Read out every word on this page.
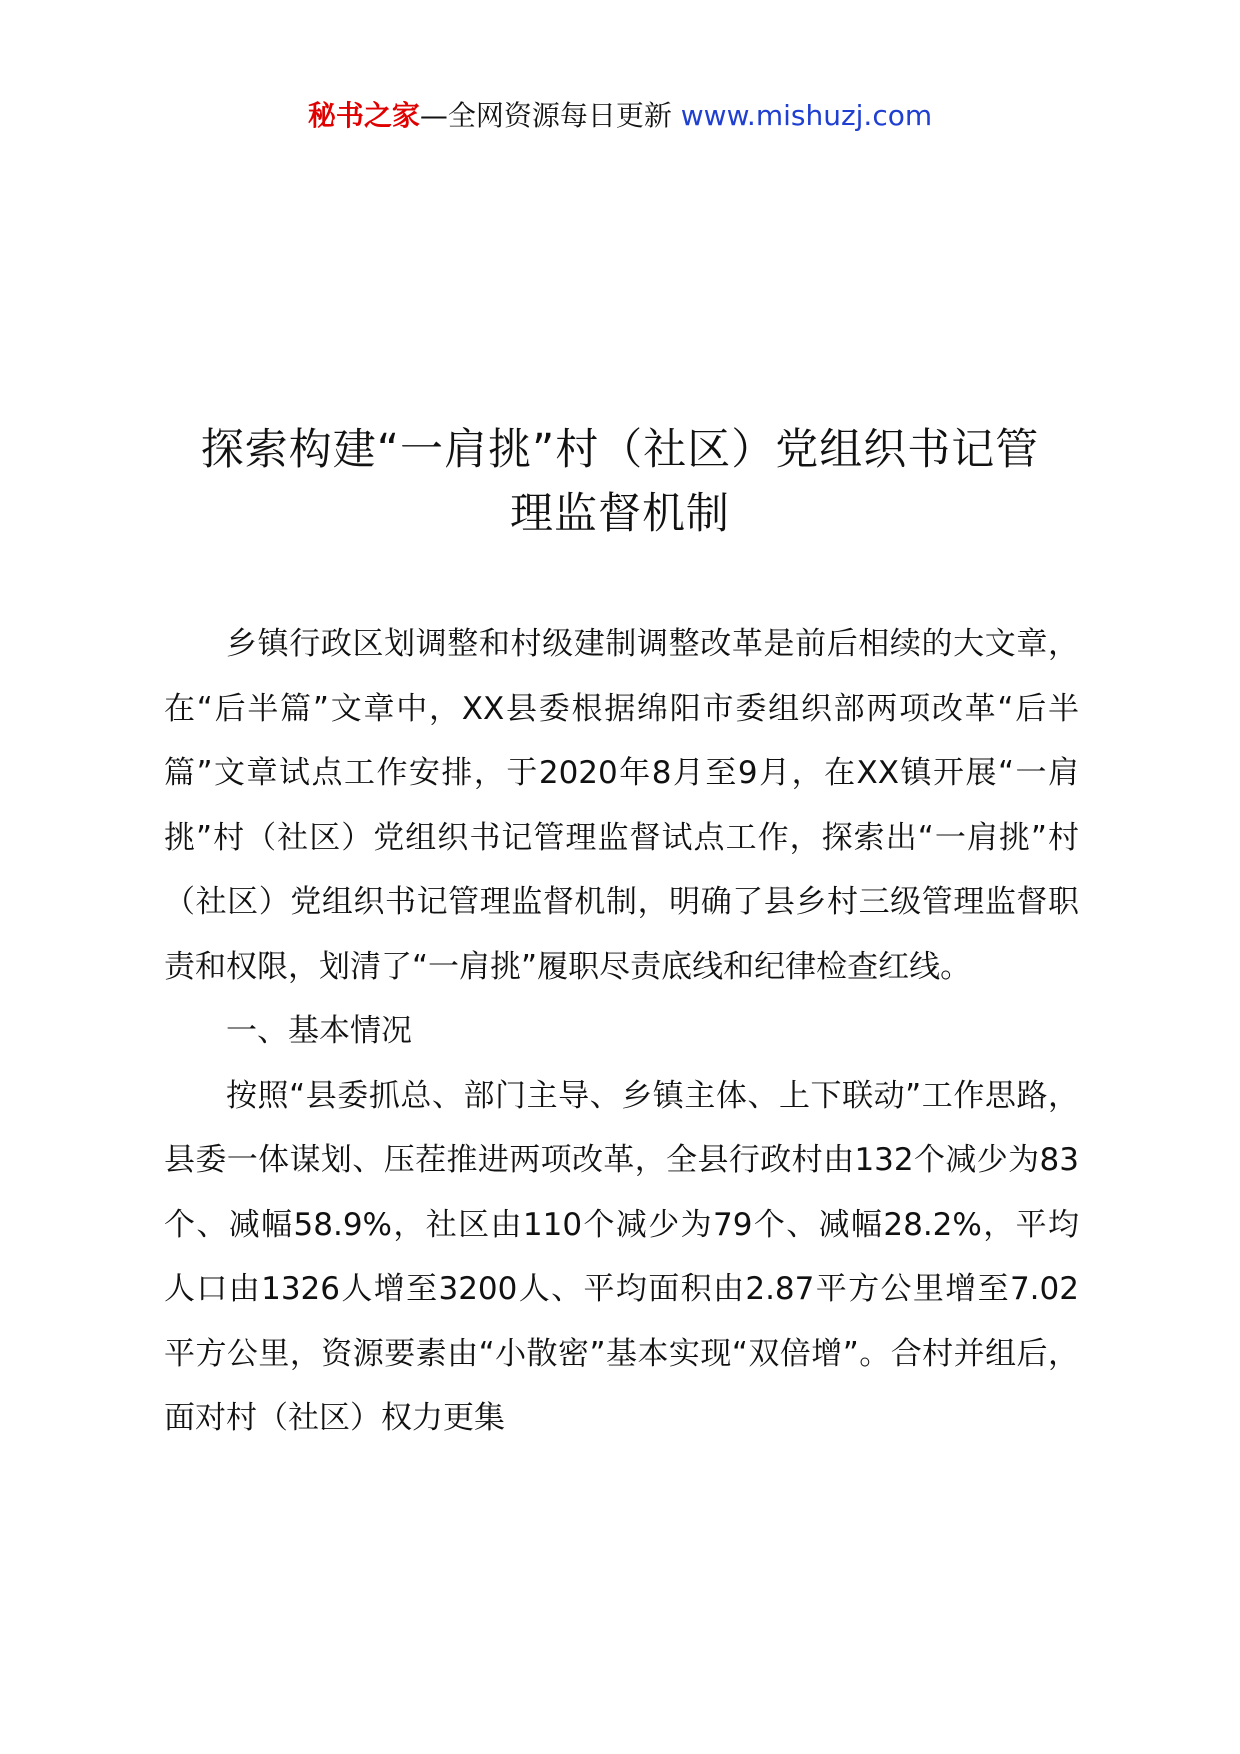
秘书之家—全网资源每日更新 www.mishuzj.com
探索构建“一肩挑”村（社区）党组织书记管
理监督机制

乡镇行政区划调整和村级建制调整改革是前后相续的大文章，在“后半篇”文章中，XX县委根据绵阳市委组织部两项改革“后半篇”文章试点工作安排，于2020年8月至9月，在XX镇开展“一肩挑”村（社区）党组织书记管理监督试点工作，探索出“一肩挑”村（社区）党组织书记管理监督机制，明确了县乡村三级管理监督职责和权限，划清了“一肩挑”履职尽责底线和纪律检查红线。

一、基本情况

按照“县委抓总、部门主导、乡镇主体、上下联动”工作思路，县委一体谋划、压茬推进两项改革，全县行政村由132个减少为83个、减幅58.9%，社区由110个减少为79个、减幅28.2%，平均人口由1326人增至3200人、平均面积由2.87平方公里增至7.02平方公里，资源要素由“小散密”基本实现“双倍增”。合村并组后，面对村（社区）权力更集
